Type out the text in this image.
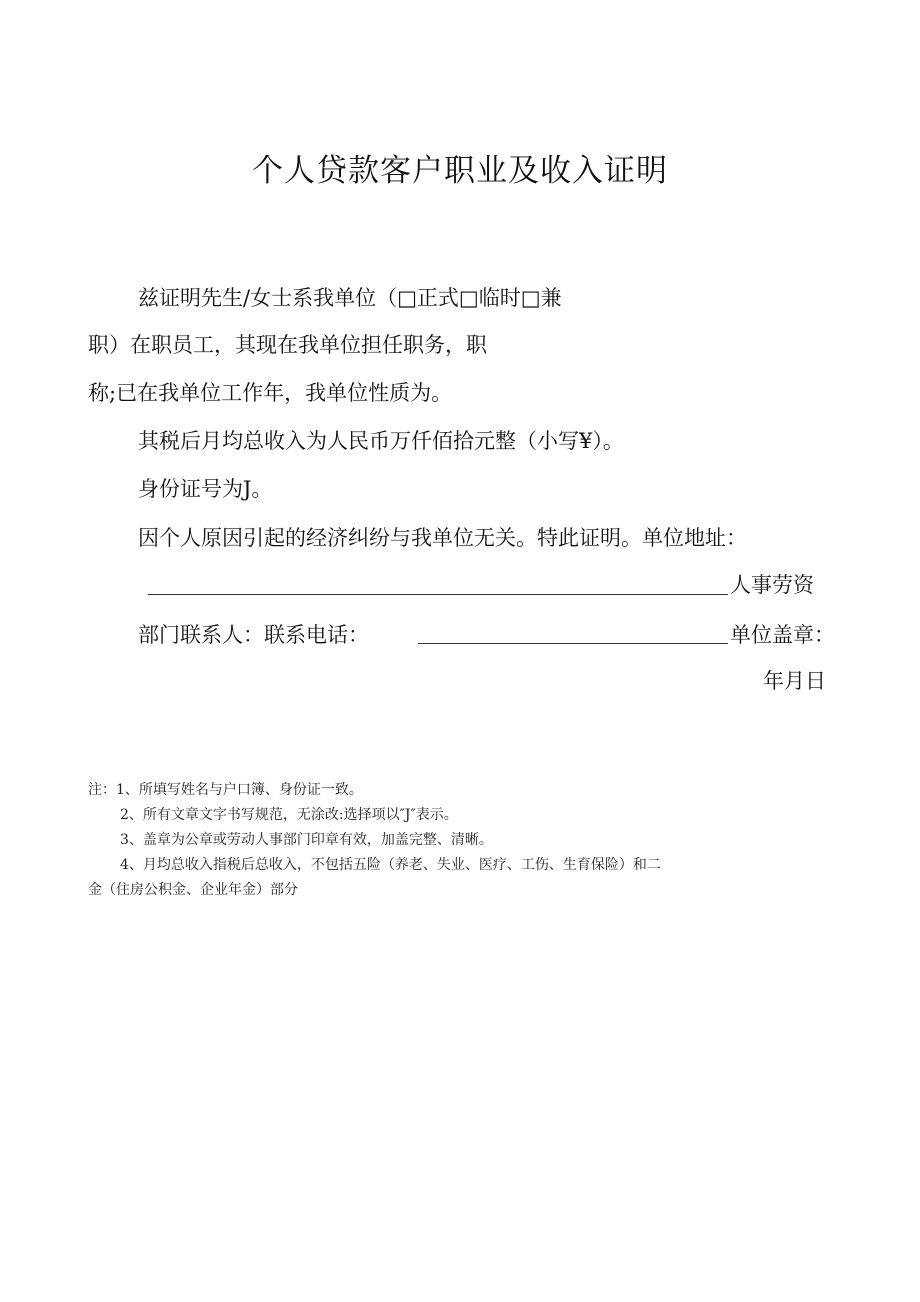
个人贷款客户职业及收入证明
兹证明先生/女士系我单位（□正式□临时□兼
职）在职员工，其现在我单位担任职务，职
称;已在我单位工作年，我单位性质为。
其税后月均总收入为人民币万仟佰拾元整（小写¥）。
身份证号为J。
因个人原因引起的经济纠纷与我单位无关。特此证明。单位地址：
人事劳资
部门联系人：联系电话：	单位盖章：
年月日
注：1、所填写姓名与户口簿、身份证一致。
2、所有文章文字书写规范，无涂改:选择项以″J″表示。
3、盖章为公章或劳动人事部门印章有效，加盖完整、清晰。
4、月均总收入指税后总收入，不包括五险（养老、失业、医疗、工伤、生育保险）和二
金（住房公积金、企业年金）部分
